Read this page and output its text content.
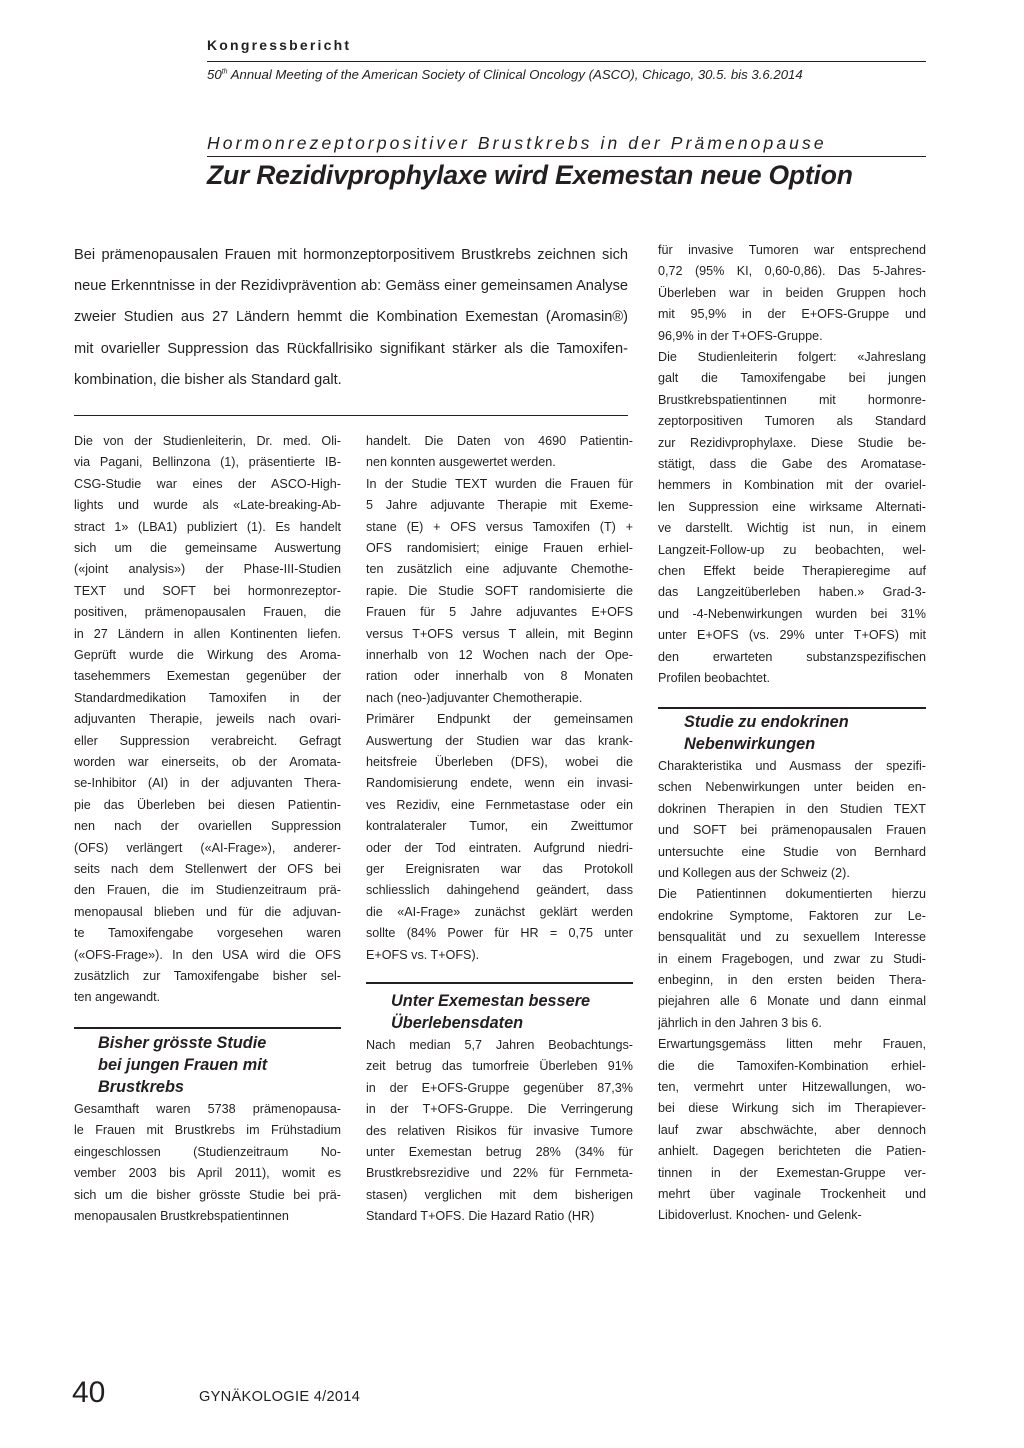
Kongressbericht
50th Annual Meeting of the American Society of Clinical Oncology (ASCO), Chicago, 30.5. bis 3.6.2014
Hormonrezeptorpositiver Brustkrebs in der Prämenopause
Zur Rezidivprophylaxe wird Exemestan neue Option
Bei prämenopausalen Frauen mit hormonzeptorpositivem Brustkrebs zeichnen sich
neue Erkenntnisse in der Rezidivprävention ab: Gemäss einer gemeinsamen Analyse
zweier Studien aus 27 Ländern hemmt die Kombination Exemestan (Aromasin®)
mit ovarieller Suppression das Rückfallrisiko signifikant stärker als die Tamoxifen-
kombination, die bisher als Standard galt.
Die von der Studienleiterin, Dr. med. Oli-
via Pagani, Bellinzona (1), präsentierte IB-
CSG-Studie war eines der ASCO-High-
lights und wurde als «Late-breaking-Ab-
stract 1» (LBA1) publiziert (1). Es handelt
sich um die gemeinsame Auswertung
(«joint analysis») der Phase-III-Studien
TEXT und SOFT bei hormonrezeptor-
positiven, prämenopausalen Frauen, die
in 27 Ländern in allen Kontinenten liefen.
Geprüft wurde die Wirkung des Aroma-
tasehemmers Exemestan gegenüber der
Standardmedikation Tamoxifen in der
adjuvanten Therapie, jeweils nach ovari-
eller Suppression verabreicht. Gefragt
worden war einerseits, ob der Aromata-
se-Inhibitor (AI) in der adjuvanten Thera-
pie das Überleben bei diesen Patientin-
nen nach der ovariellen Suppression
(OFS) verlängert («AI-Frage»), anderer-
seits nach dem Stellenwert der OFS bei
den Frauen, die im Studienzeitraum prä-
menopausal blieben und für die adjuvan-
te Tamoxifengabe vorgesehen waren
(«OFS-Frage»). In den USA wird die OFS
zusätzlich zur Tamoxifengabe bisher sel-
ten angewandt.
Bisher grösste Studie
bei jungen Frauen mit
Brustkrebs
Gesamthaft waren 5738 prämenopausa-
le Frauen mit Brustkrebs im Frühstadium
eingeschlossen (Studienzeitraum No-
vember 2003 bis April 2011), womit es
sich um die bisher grösste Studie bei prä-
menopausalen Brustkrebspatientinnen
handelt. Die Daten von 4690 Patientin-
nen konnten ausgewertet werden.
In der Studie TEXT wurden die Frauen für
5 Jahre adjuvante Therapie mit Exeme-
stane (E) + OFS versus Tamoxifen (T) +
OFS randomisiert; einige Frauen erhiel-
ten zusätzlich eine adjuvante Chemothe-
rapie. Die Studie SOFT randomisierte die
Frauen für 5 Jahre adjuvantes E+OFS
versus T+OFS versus T allein, mit Beginn
innerhalb von 12 Wochen nach der Ope-
ration oder innerhalb von 8 Monaten
nach (neo-)adjuvanter Chemotherapie.
Primärer Endpunkt der gemeinsamen
Auswertung der Studien war das krank-
heitsfreie Überleben (DFS), wobei die
Randomisierung endete, wenn ein invasi-
ves Rezidiv, eine Fernmetastase oder ein
kontralateraler Tumor, ein Zweittumor
oder der Tod eintraten. Aufgrund niedri-
ger Ereignisraten war das Protokoll
schliesslich dahingehend geändert, dass
die «AI-Frage» zunächst geklärt werden
sollte (84% Power für HR = 0,75 unter
E+OFS vs. T+OFS).
Unter Exemestan bessere
Überlebensdaten
Nach median 5,7 Jahren Beobachtungs-
zeit betrug das tumorfreie Überleben 91%
in der E+OFS-Gruppe gegenüber 87,3%
in der T+OFS-Gruppe. Die Verringerung
des relativen Risikos für invasive Tumore
unter Exemestan betrug 28% (34% für
Brustkrebsrezidive und 22% für Fernmeta-
stasen) verglichen mit dem bisherigen
Standard T+OFS. Die Hazard Ratio (HR)
für invasive Tumoren war entsprechend
0,72 (95% KI, 0,60-0,86). Das 5-Jahres-
Überleben war in beiden Gruppen hoch
mit 95,9% in der E+OFS-Gruppe und
96,9% in der T+OFS-Gruppe.
Die Studienleiterin folgert: «Jahreslang
galt die Tamoxifengabe bei jungen
Brustkrebspatientinnen mit hormonre-
zeptorpositiven Tumoren als Standard
zur Rezidivprophylaxe. Diese Studie be-
stätigt, dass die Gabe des Aromatase-
hemmers in Kombination mit der ovariel-
len Suppression eine wirksame Alternati-
ve darstellt. Wichtig ist nun, in einem
Langzeit-Follow-up zu beobachten, wel-
chen Effekt beide Therapieregime auf
das Langzeitüberleben haben.» Grad-3-
und -4-Nebenwirkungen wurden bei 31%
unter E+OFS (vs. 29% unter T+OFS) mit
den erwarteten substanzspezifischen
Profilen beobachtet.
Studie zu endokrinen
Nebenwirkungen
Charakteristika und Ausmass der spezifi-
schen Nebenwirkungen unter beiden en-
dokrinen Therapien in den Studien TEXT
und SOFT bei prämenopausalen Frauen
untersuchte eine Studie von Bernhard
und Kollegen aus der Schweiz (2).
Die Patientinnen dokumentierten hierzu
endokrine Symptome, Faktoren zur Le-
bensqualität und zu sexuellem Interesse
in einem Fragebogen, und zwar zu Studi-
enbeginn, in den ersten beiden Thera-
piejahren alle 6 Monate und dann einmal
jährlich in den Jahren 3 bis 6.
Erwartungsgemäss litten mehr Frauen,
die die Tamoxifen-Kombination erhiel-
ten, vermehrt unter Hitzewallungen, wo-
bei diese Wirkung sich im Therapiever-
lauf zwar abschwächte, aber dennoch
anhielt. Dagegen berichteten die Patien-
tinnen in der Exemestan-Gruppe ver-
mehrt über vaginale Trockenheit und
Libidoverlust. Knochen- und Gelenk-
40	GYNÄKOLOGIE 4/2014
